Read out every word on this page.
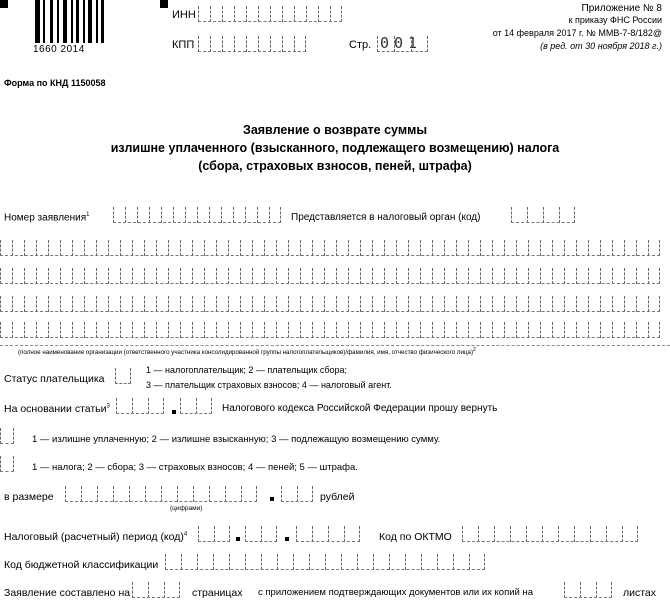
1660 2014
ИНН
КПП	Стр. 001
Приложение № 8
к приказу ФНС России
от 14 февраля 2017 г. № ММВ-7-8/182@
(в ред. от 30 ноября 2018 г.)
Форма по КНД 1150058
Заявление о возврате суммы
излишне уплаченного (взысканного, подлежащего возмещению) налога
(сбора, страховых взносов, пеней, штрафа)
Номер заявления$^1$	Представляется в налоговый орган (код)
(полное наименование организации (ответственного участника консолидированной группы налогоплательщиков)/фамилия, имя, отчество физического лица)$^2$
Статус плательщика
1 — налогоплательщик; 2 — плательщик сбора;
3 — плательщик страховых взносов; 4 — налоговый агент.
На основании статьи$^3$	Налогового кодекса Российской Федерации прошу вернуть
1 — излишне уплаченную; 2 — излишне взысканную; 3 — подлежащую возмещению сумму.
1 — налога; 2 — сбора; 3 — страховых взносов; 4 — пеней; 5 — штрафа.
в размере	рублей
(цифрами)
Налоговый (расчетный) период (код)$^4$	Код по ОКТМО
Код бюджетной классификации
Заявление составлено на	страницах с приложением подтверждающих документов или их копий на	листах
